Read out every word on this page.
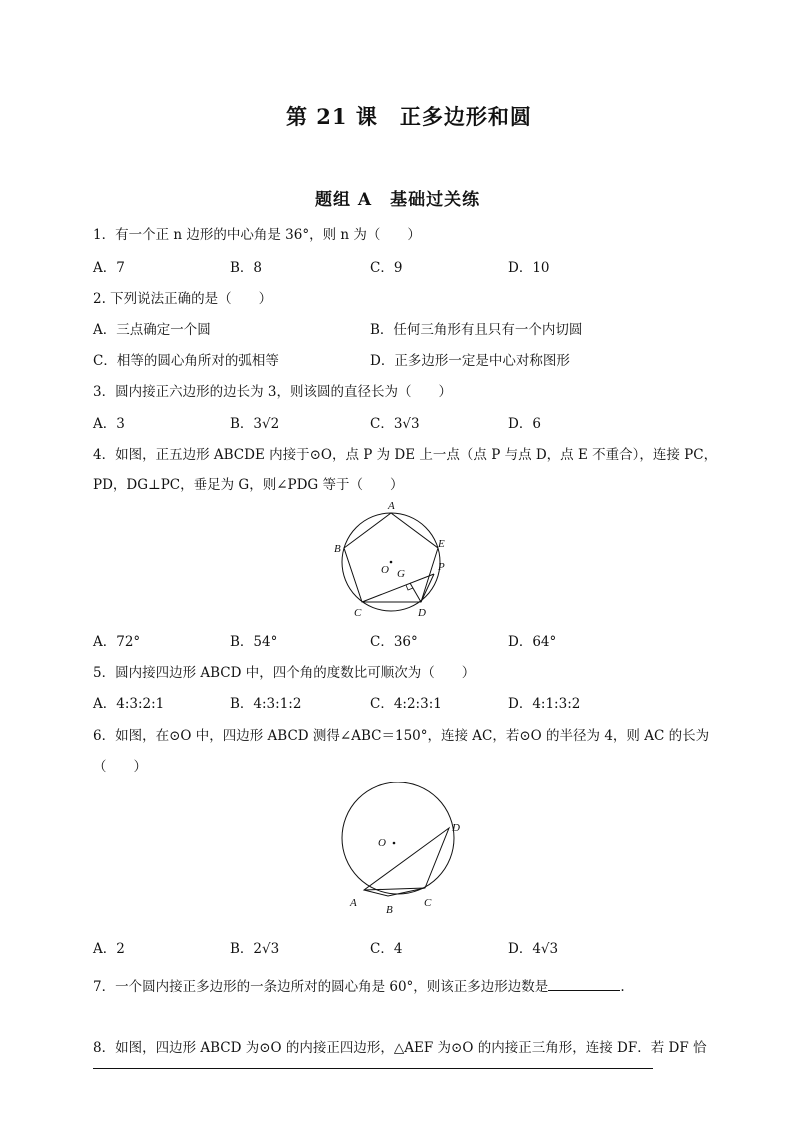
第 21 课　正多边形和圆
题组 A　基础过关练
1．有一个正 n 边形的中心角是 36°，则 n 为（　　）
A．7	B．8	C．9	D．10
2. 下列说法正确的是（　　）
A．三点确定一个圆	B．任何三角形有且只有一个内切圆
C．相等的圆心角所对的弧相等	D．正多边形一定是中心对称图形
3．圆内接正六边形的边长为 3，则该圆的直径长为（　　）
A．3	B．3√2	C．3√3	D．6
4．如图，正五边形 ABCDE 内接于⊙O，点 P 为 DE 上一点（点 P 与点 D，点 E 不重合），连接 PC，
PD，DG⊥PC，垂足为 G，则∠PDG 等于（　　）
A
B
C	D
E
P
O G
A．72°	B．54°	C．36°	D．64°
5．圆内接四边形 ABCD 中，四个角的度数比可顺次为（　　）
A．4:3:2:1	B．4:3:1:2	C．4:2:3:1	D．4:1:3:2
6．如图，在⊙O 中，四边形 ABCD 测得∠ABC＝150°，连接 AC，若⊙O 的半径为 4，则 AC 的长为
（　　）
O
A
B
C
D
A．2	B．2√3	C．4	D．4√3
7．一个圆内接正多边形的一条边所对的圆心角是 60°，则该正多边形边数是	.
8．如图，四边形 ABCD 为⊙O 的内接正四边形，△AEF 为⊙O 的内接正三角形，连接 DF．若 DF 恰
